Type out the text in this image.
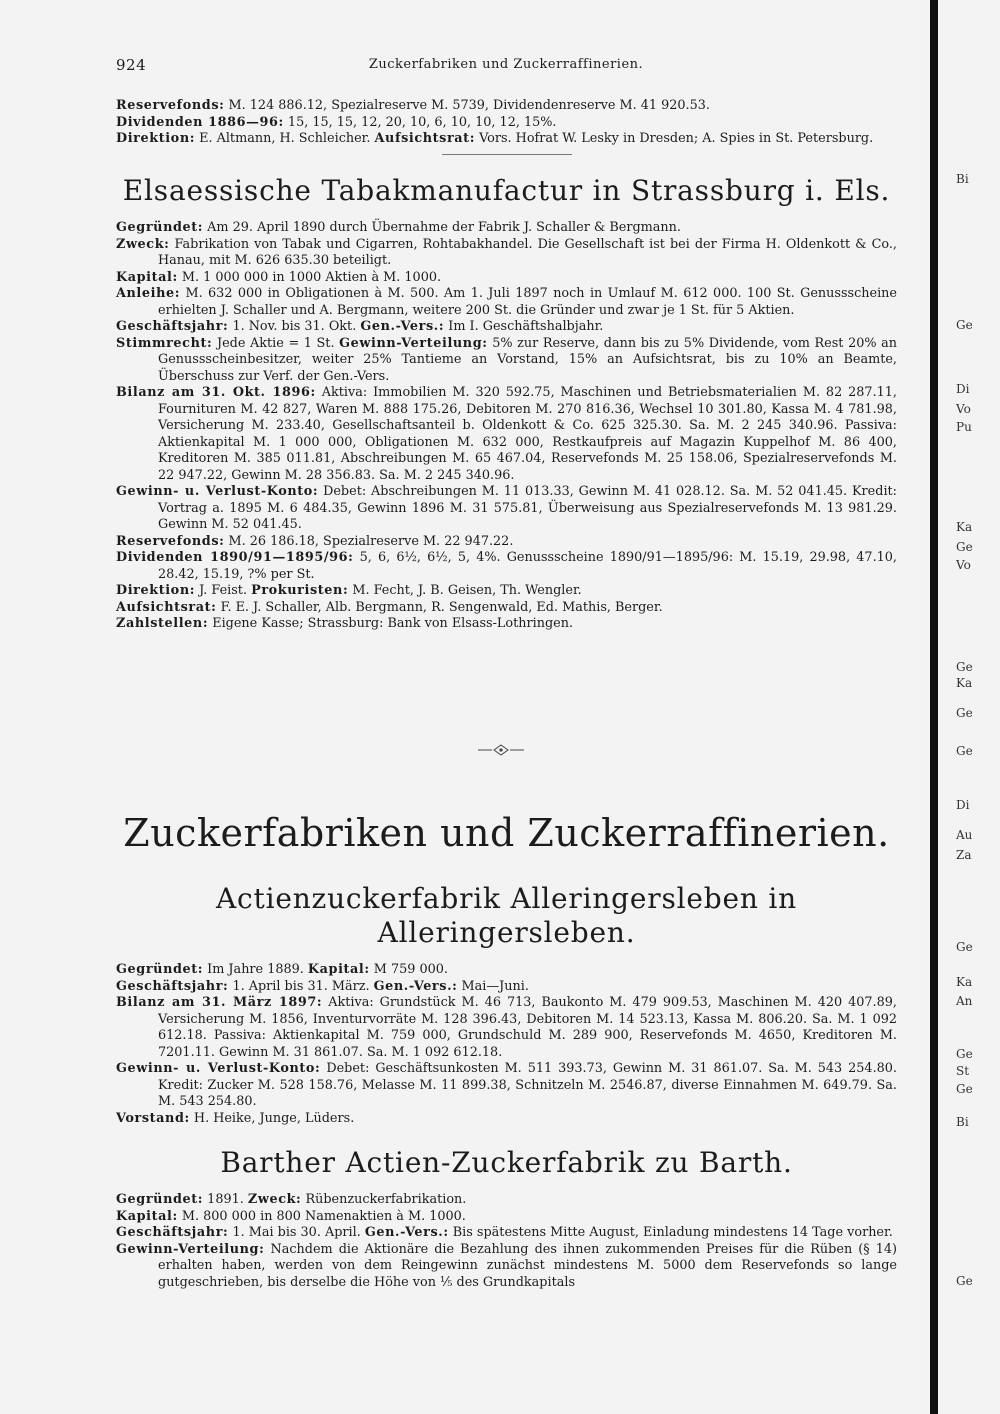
924	Zuckerfabriken und Zuckerraffinerien.

Reservefonds: M. 124 886.12, Spezialreserve M. 5739, Dividendenreserve M. 41 920.53.

Dividenden 1886—96: 15, 15, 15, 12, 20, 10, 6, 10, 10, 12, 15%.

Direktion: E. Altmann, H. Schleicher. Aufsichtsrat: Vors. Hofrat W. Lesky in Dresden; A. Spies in St. Petersburg.

Elsaessische Tabakmanufactur in Strassburg i. Els.

Gegründet: Am 29. April 1890 durch Übernahme der Fabrik J. Schaller & Bergmann.

Zweck: Fabrikation von Tabak und Cigarren, Rohtabakhandel. Die Gesellschaft ist bei der Firma H. Oldenkott & Co., Hanau, mit M. 626 635.30 beteiligt.

Kapital: M. 1 000 000 in 1000 Aktien à M. 1000.

Anleihe: M. 632 000 in Obligationen à M. 500. Am 1. Juli 1897 noch in Umlauf M. 612 000. 100 St. Genussscheine erhielten J. Schaller und A. Bergmann, weitere 200 St. die Gründer und zwar je 1 St. für 5 Aktien.

Geschäftsjahr: 1. Nov. bis 31. Okt. Gen.-Vers.: Im I. Geschäftshalbjahr.

Stimmrecht: Jede Aktie = 1 St. Gewinn-Verteilung: 5% zur Reserve, dann bis zu 5% Dividende, vom Rest 20% an Genussscheinbesitzer, weiter 25% Tantieme an Vorstand, 15% an Aufsichtsrat, bis zu 10% an Beamte, Überschuss zur Verf. der Gen.-Vers.

Bilanz am 31. Okt. 1896: Aktiva: Immobilien M. 320 592.75, Maschinen und Betriebsmaterialien M. 82 287.11, Fournituren M. 42 827, Waren M. 888 175.26, Debitoren M. 270 816.36, Wechsel 10 301.80, Kassa M. 4 781.98, Versicherung M. 233.40, Gesellschaftsanteil b. Oldenkott & Co. 625 325.30. Sa. M. 2 245 340.96. Passiva: Aktienkapital M. 1 000 000, Obligationen M. 632 000, Restkaufpreis auf Magazin Kuppelhof M. 86 400, Kreditoren M. 385 011.81, Abschreibungen M. 65 467.04, Reservefonds M. 25 158.06, Spezialreservefonds M. 22 947.22, Gewinn M. 28 356.83. Sa. M. 2 245 340.96.

Gewinn- u. Verlust-Konto: Debet: Abschreibungen M. 11 013.33, Gewinn M. 41 028.12. Sa. M. 52 041.45. Kredit: Vortrag a. 1895 M. 6 484.35, Gewinn 1896 M. 31 575.81, Überweisung aus Spezialreservefonds M. 13 981.29. Gewinn M. 52 041.45.

Reservefonds: M. 26 186.18, Spezialreserve M. 22 947.22.

Dividenden 1890/91—1895/96: 5, 6, 6½, 6½, 5, 4%. Genussscheine 1890/91—1895/96: M. 15.19, 29.98, 47.10, 28.42, 15.19, ?% per St.

Direktion: J. Feist. Prokuristen: M. Fecht, J. B. Geisen, Th. Wengler.

Aufsichtsrat: F. E. J. Schaller, Alb. Bergmann, R. Sengenwald, Ed. Mathis, Berger.

Zahlstellen: Eigene Kasse; Strassburg: Bank von Elsass-Lothringen.

Zuckerfabriken und Zuckerraffinerien.
Actienzuckerfabrik Alleringersleben in Alleringersleben.

Gegründet: Im Jahre 1889. Kapital: M 759 000.

Geschäftsjahr: 1. April bis 31. März. Gen.-Vers.: Mai—Juni.

Bilanz am 31. März 1897: Aktiva: Grundstück M. 46 713, Baukonto M. 479 909.53, Maschinen M. 420 407.89, Versicherung M. 1856, Inventurvorräte M. 128 396.43, Debitoren M. 14 523.13, Kassa M. 806.20. Sa. M. 1 092 612.18. Passiva: Aktienkapital M. 759 000, Grundschuld M. 289 900, Reservefonds M. 4650, Kreditoren M. 7201.11. Gewinn M. 31 861.07. Sa. M. 1 092 612.18.

Gewinn- u. Verlust-Konto: Debet: Geschäftsunkosten M. 511 393.73, Gewinn M. 31 861.07. Sa. M. 543 254.80. Kredit: Zucker M. 528 158.76, Melasse M. 11 899.38, Schnitzeln M. 2546.87, diverse Einnahmen M. 649.79. Sa. M. 543 254.80.

Vorstand: H. Heike, Junge, Lüders.

Barther Actien-Zuckerfabrik zu Barth.

Gegründet: 1891. Zweck: Rübenzuckerfabrikation.

Kapital: M. 800 000 in 800 Namenaktien à M. 1000.

Geschäftsjahr: 1. Mai bis 30. April. Gen.-Vers.: Bis spätestens Mitte August, Einladung mindestens 14 Tage vorher.

Gewinn-Verteilung: Nachdem die Aktionäre die Bezahlung des ihnen zukommenden Preises für die Rüben (§ 14) erhalten haben, werden von dem Reingewinn zunächst mindestens M. 5000 dem Reservefonds so lange gutgeschrieben, bis derselbe die Höhe von ⅕ des Grundkapitals

Bi
Ge
Di
Vo
Pu
Ka
Ge
Vo
Ge
Ka
Ge
Ge
Di
Au
Za
Ge
Ka
An
Ge
St
Ge
Bi
Ge
